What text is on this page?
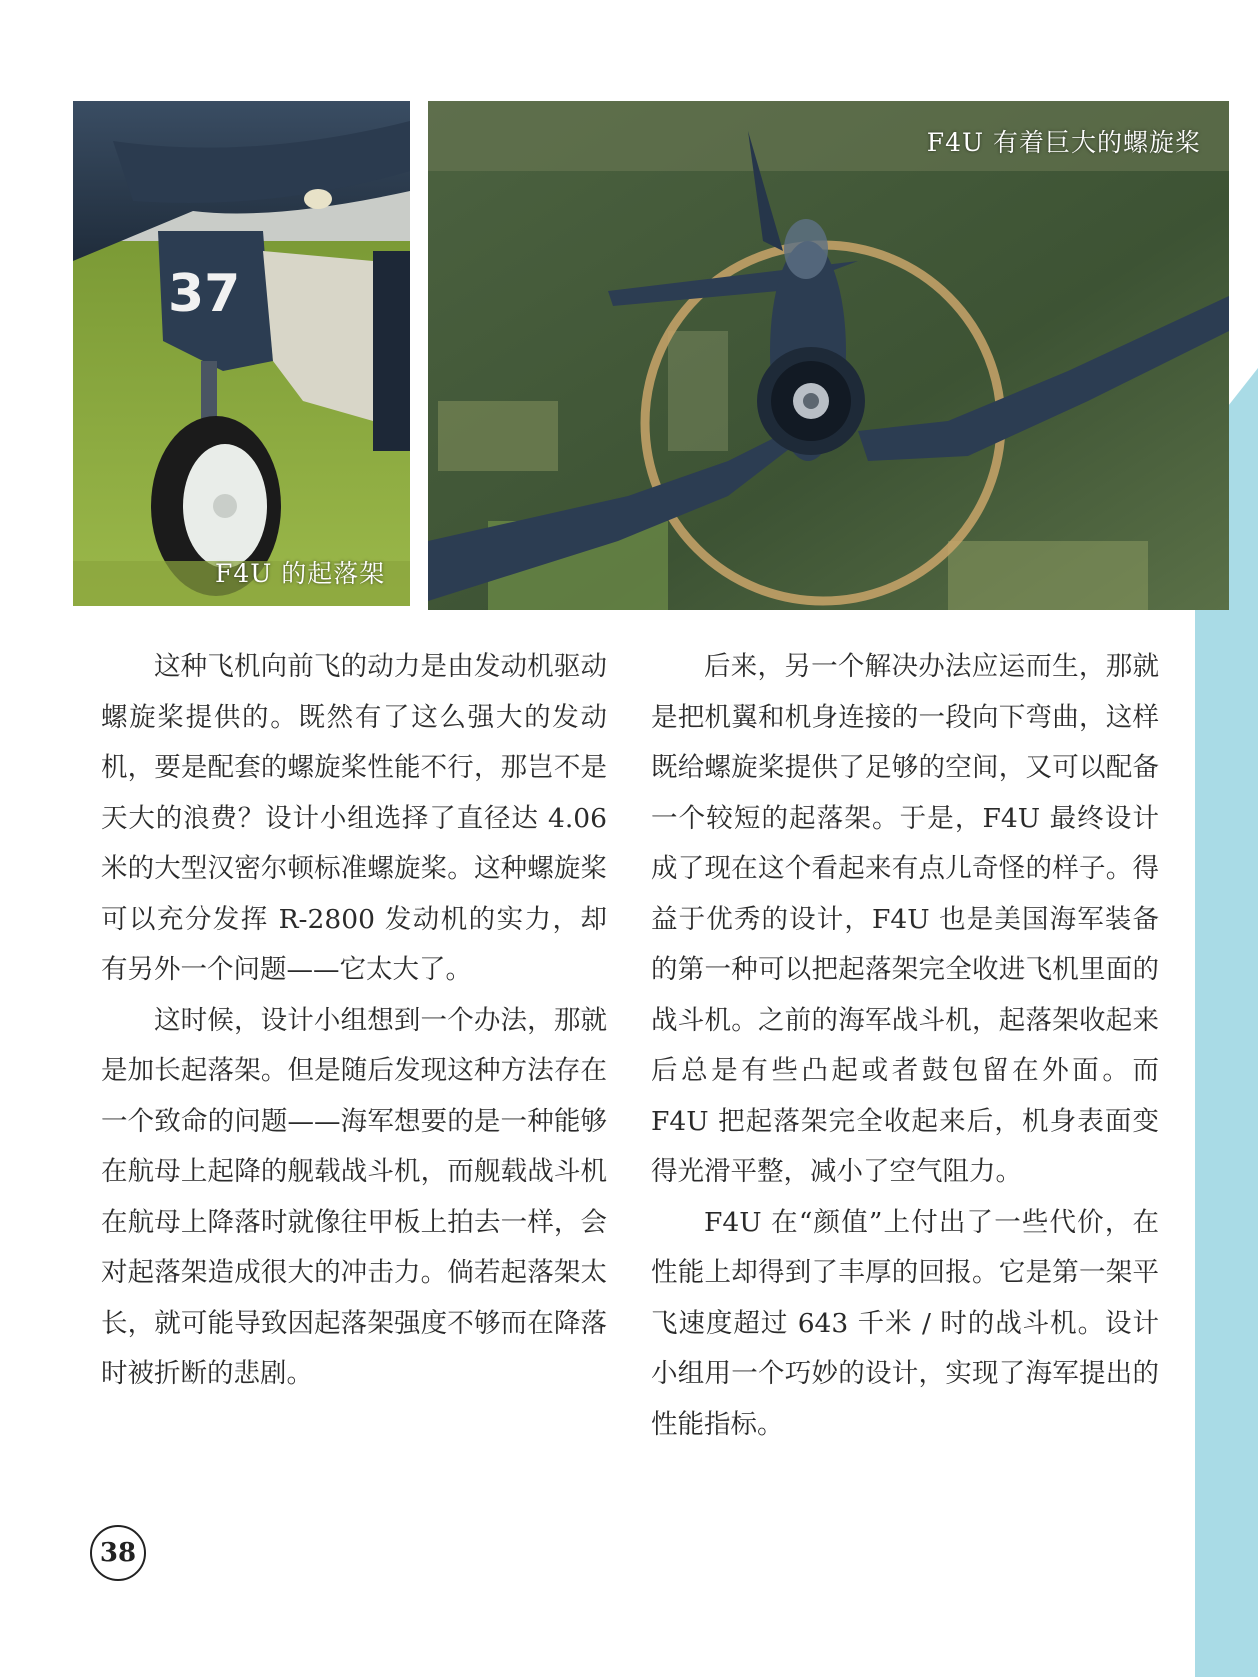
37
F4U 的起落架
F4U 有着巨大的螺旋桨

这种飞机向前飞的动力是由发动机驱动螺旋桨提供的。既然有了这么强大的发动机，要是配套的螺旋桨性能不行，那岂不是天大的浪费？设计小组选择了直径达 4.06 米的大型汉密尔顿标准螺旋桨。这种螺旋桨可以充分发挥 R-2800 发动机的实力，却有另外一个问题——它太大了。

这时候，设计小组想到一个办法，那就是加长起落架。但是随后发现这种方法存在一个致命的问题——海军想要的是一种能够在航母上起降的舰载战斗机，而舰载战斗机在航母上降落时就像往甲板上拍去一样，会对起落架造成很大的冲击力。倘若起落架太长，就可能导致因起落架强度不够而在降落时被折断的悲剧。

后来，另一个解决办法应运而生，那就是把机翼和机身连接的一段向下弯曲，这样既给螺旋桨提供了足够的空间，又可以配备一个较短的起落架。于是，F4U 最终设计成了现在这个看起来有点儿奇怪的样子。得益于优秀的设计，F4U 也是美国海军装备的第一种可以把起落架完全收进飞机里面的战斗机。之前的海军战斗机，起落架收起来后总是有些凸起或者鼓包留在外面。而 F4U 把起落架完全收起来后，机身表面变得光滑平整，减小了空气阻力。

F4U 在“颜值”上付出了一些代价，在性能上却得到了丰厚的回报。它是第一架平飞速度超过 643 千米 / 时的战斗机。设计小组用一个巧妙的设计，实现了海军提出的性能指标。

38
